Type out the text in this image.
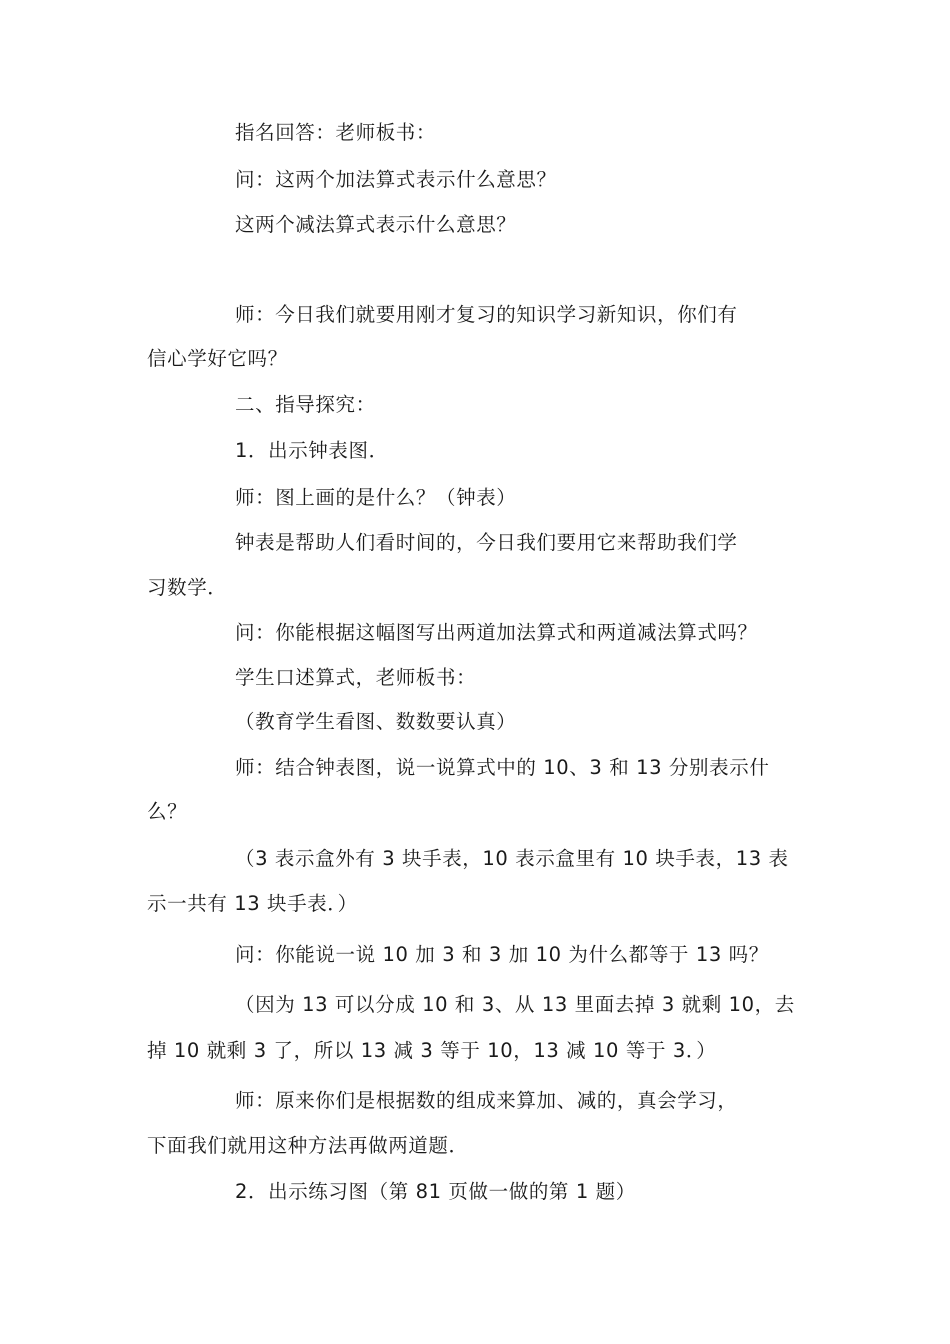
指名回答：老师板书：
问：这两个加法算式表示什么意思？
这两个减法算式表示什么意思？
师：今日我们就要用刚才复习的知识学习新知识，你们有
信心学好它吗？
二、指导探究：
1．出示钟表图．
师：图上画的是什么？（钟表）
钟表是帮助人们看时间的，今日我们要用它来帮助我们学
习数学．
问：你能根据这幅图写出两道加法算式和两道减法算式吗？
学生口述算式，老师板书：
（教育学生看图、数数要认真）
师：结合钟表图，说一说算式中的 10、3 和 13 分别表示什
么？
（3 表示盒外有 3 块手表，10 表示盒里有 10 块手表，13 表
示一共有 13 块手表．）
问：你能说一说 10 加 3 和 3 加 10 为什么都等于 13 吗？
（因为 13 可以分成 10 和 3、从 13 里面去掉 3 就剩 10，去
掉 10 就剩 3 了，所以 13 减 3 等于 10，13 减 10 等于 3．）
师：原来你们是根据数的组成来算加、减的，真会学习，
下面我们就用这种方法再做两道题．
2．出示练习图（第 81 页做一做的第 1 题）
